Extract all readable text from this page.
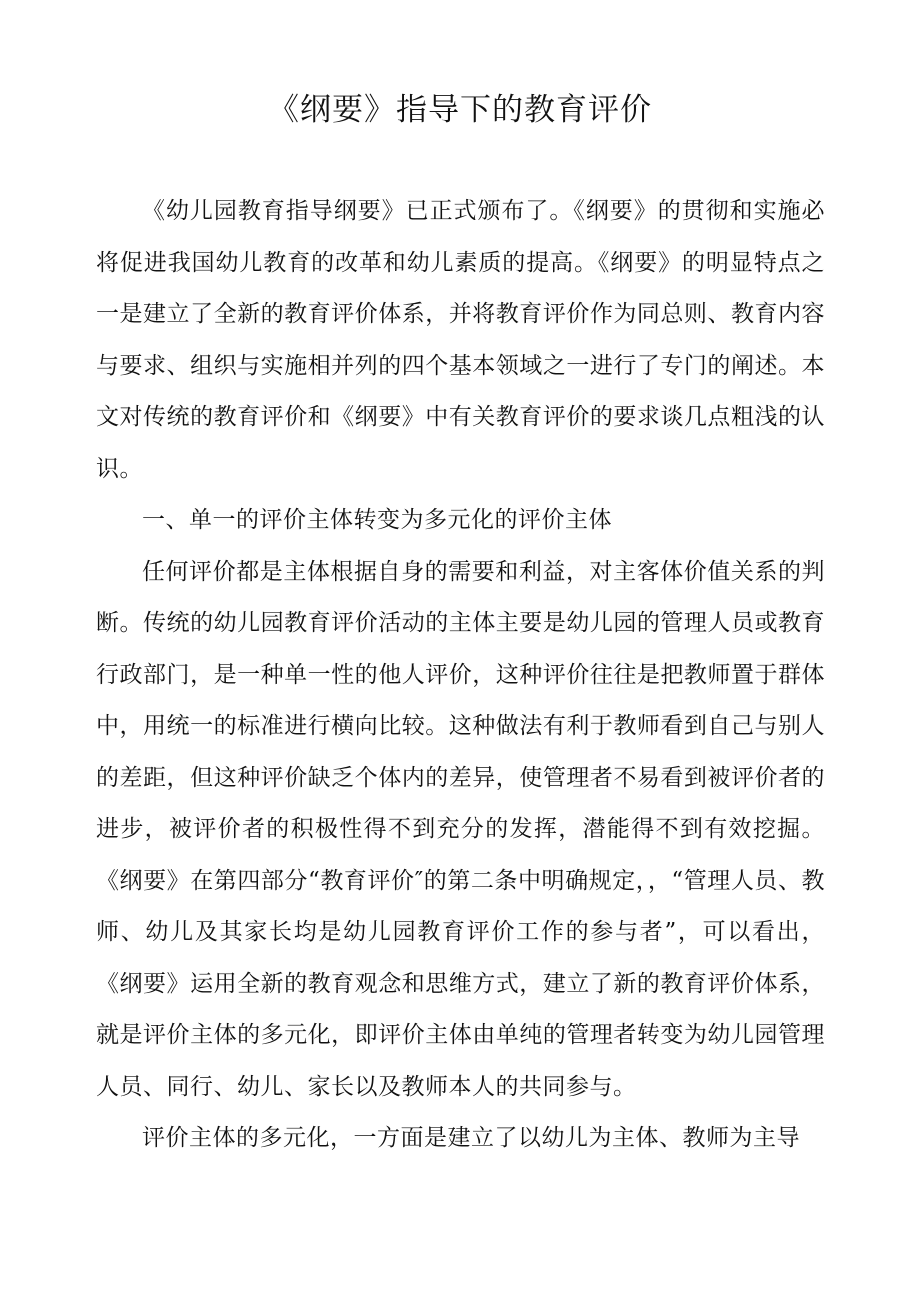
《纲要》指导下的教育评价

《幼儿园教育指导纲要》已正式颁布了。《纲要》的贯彻和实施必将促进我国幼儿教育的改革和幼儿素质的提高。《纲要》的明显特点之一是建立了全新的教育评价体系，并将教育评价作为同总则、教育内容与要求、组织与实施相并列的四个基本领域之一进行了专门的阐述。本文对传统的教育评价和《纲要》中有关教育评价的要求谈几点粗浅的认识。

一、单一的评价主体转变为多元化的评价主体

任何评价都是主体根据自身的需要和利益，对主客体价值关系的判断。传统的幼儿园教育评价活动的主体主要是幼儿园的管理人员或教育行政部门，是一种单一性的他人评价，这种评价往往是把教师置于群体中，用统一的标准进行横向比较。这种做法有利于教师看到自己与别人的差距，但这种评价缺乏个体内的差异，使管理者不易看到被评价者的进步，被评价者的积极性得不到充分的发挥，潜能得不到有效挖掘。《纲要》在第四部分“教育评价″的第二条中明确规定，，“管理人员、教师、幼儿及其家长均是幼儿园教育评价工作的参与者”，可以看出，《纲要》运用全新的教育观念和思维方式，建立了新的教育评价体系，就是评价主体的多元化，即评价主体由单纯的管理者转变为幼儿园管理人员、同行、幼儿、家长以及教师本人的共同参与。

评价主体的多元化，一方面是建立了以幼儿为主体、教师为主导
